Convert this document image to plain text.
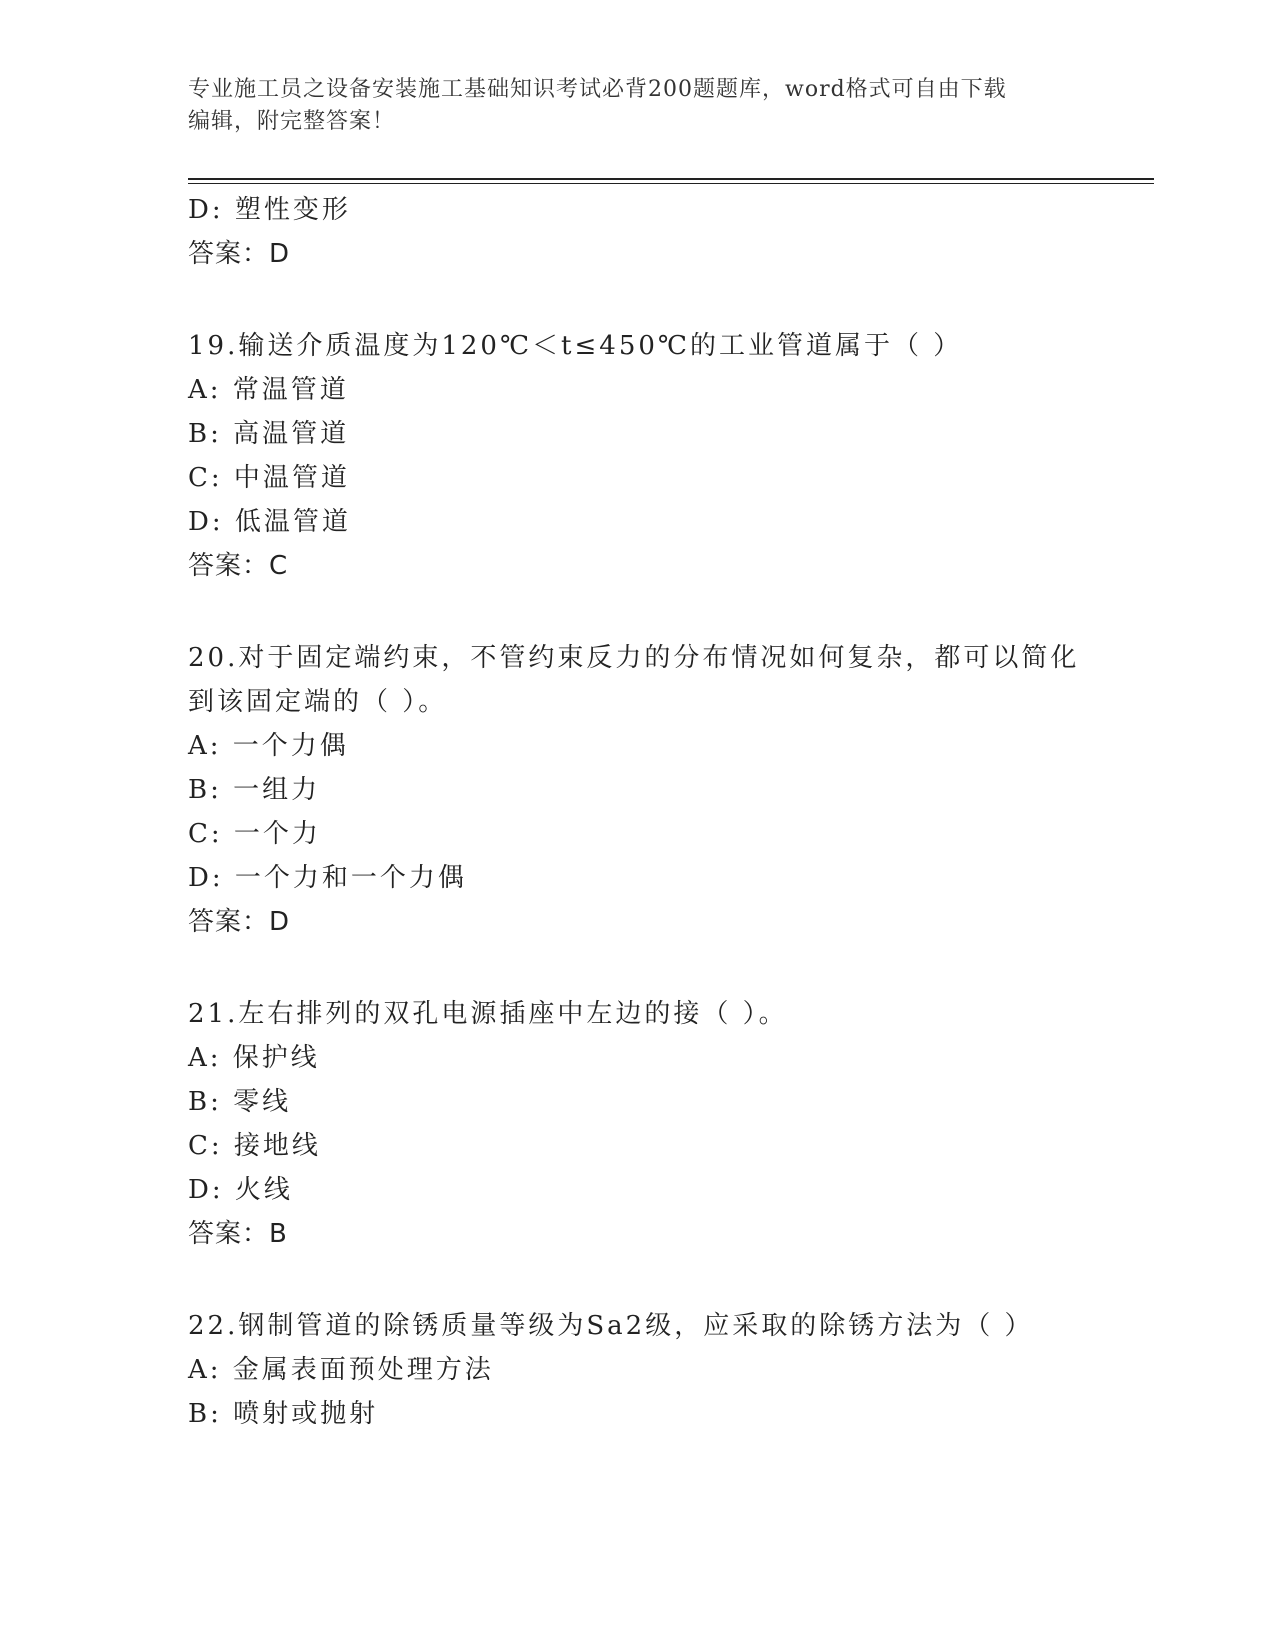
专业施工员之设备安装施工基础知识考试必背200题题库，word格式可自由下载
编辑，附完整答案！
D: 塑性变形
答案：D
19.输送介质温度为120℃＜t≤450℃的工业管道属于（ ）
A: 常温管道
B: 高温管道
C: 中温管道
D: 低温管道
答案：C
20.对于固定端约束，不管约束反力的分布情况如何复杂，都可以简化
到该固定端的（ ）。
A: 一个力偶
B: 一组力
C: 一个力
D: 一个力和一个力偶
答案：D
21.左右排列的双孔电源插座中左边的接（ ）。
A: 保护线
B: 零线
C: 接地线
D: 火线
答案：B
22.钢制管道的除锈质量等级为Sa2级，应采取的除锈方法为（ ）
A: 金属表面预处理方法
B: 喷射或抛射
